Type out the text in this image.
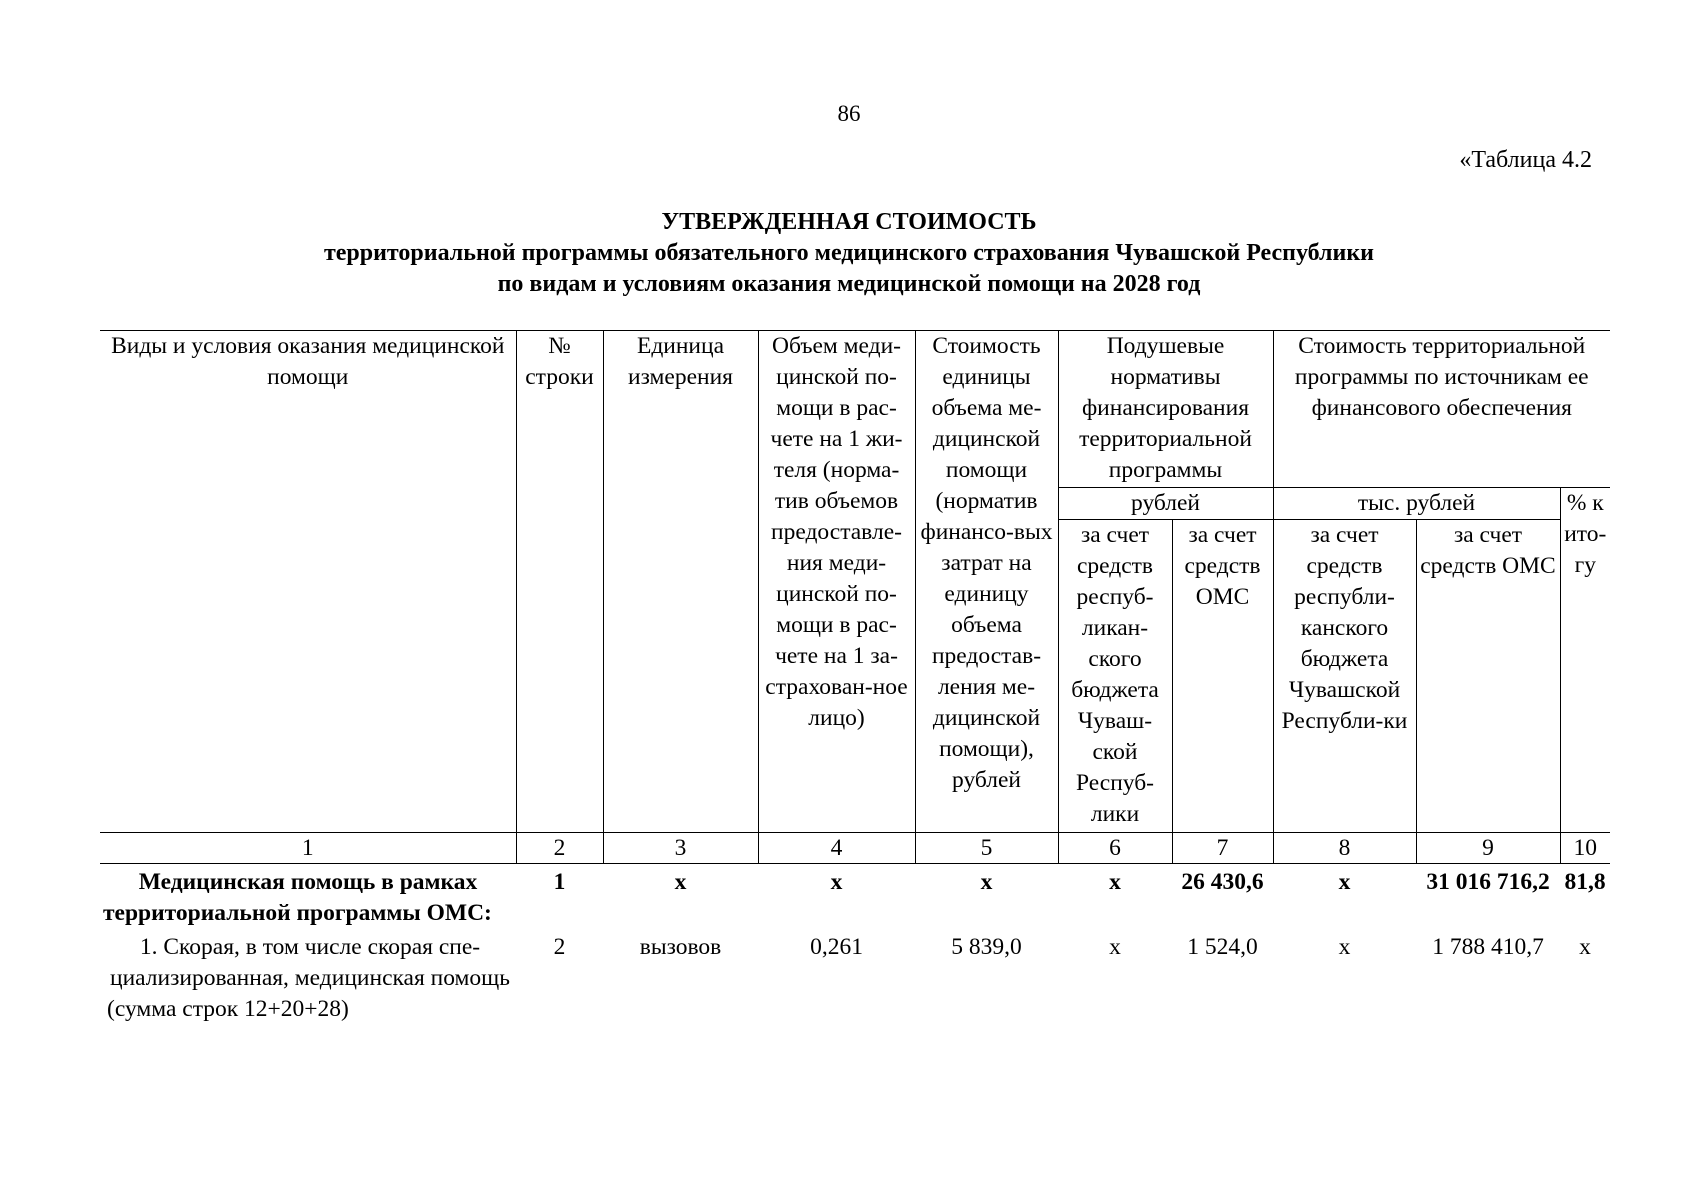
86
«Таблица 4.2
УТВЕРЖДЕННАЯ СТОИМОСТЬ
территориальной программы обязательного медицинского страхования Чувашской Республики
по видам и условиям оказания медицинской помощи на 2028 год
Виды и условия оказания медицинской помощи	№ строки	Единица измерения	Объем меди-цинской по-мощи в рас-чете на 1 жи-теля (норма-тив объемов предоставле-ния меди-цинской по-мощи в рас-чете на 1 за-страхован-ное лицо)	Стоимость единицы объема ме-дицинской помощи (норматив финансо-вых затрат на единицу объема предостав-ления ме-дицинской помощи), рублей	Подушевые нормативы финансирования территориальной программы		Стоимость территориальной программы по источникам ее финансового обеспечения		
					рублей		тыс. рублей		% к ито-гу
					за счет средств респуб-ликан-ского бюджета Чуваш-ской Респуб-лики	за счет средств ОМС	за счет средств республи-канского бюджета Чувашской Республи-ки	за счет средств ОМС	
1	2	3	4	5	6	7	8	9	10
Медицинская помощь в рамках территориальной программы ОМС:	1	х	х	х	х	26 430,6	х	31 016 716,2	81,8
1. Скорая, в том числе скорая спе-циализированная, медицинская помощь (сумма строк 12+20+28)	2	вызовов	0,261	5 839,0	х	1 524,0	х	1 788 410,7	х
